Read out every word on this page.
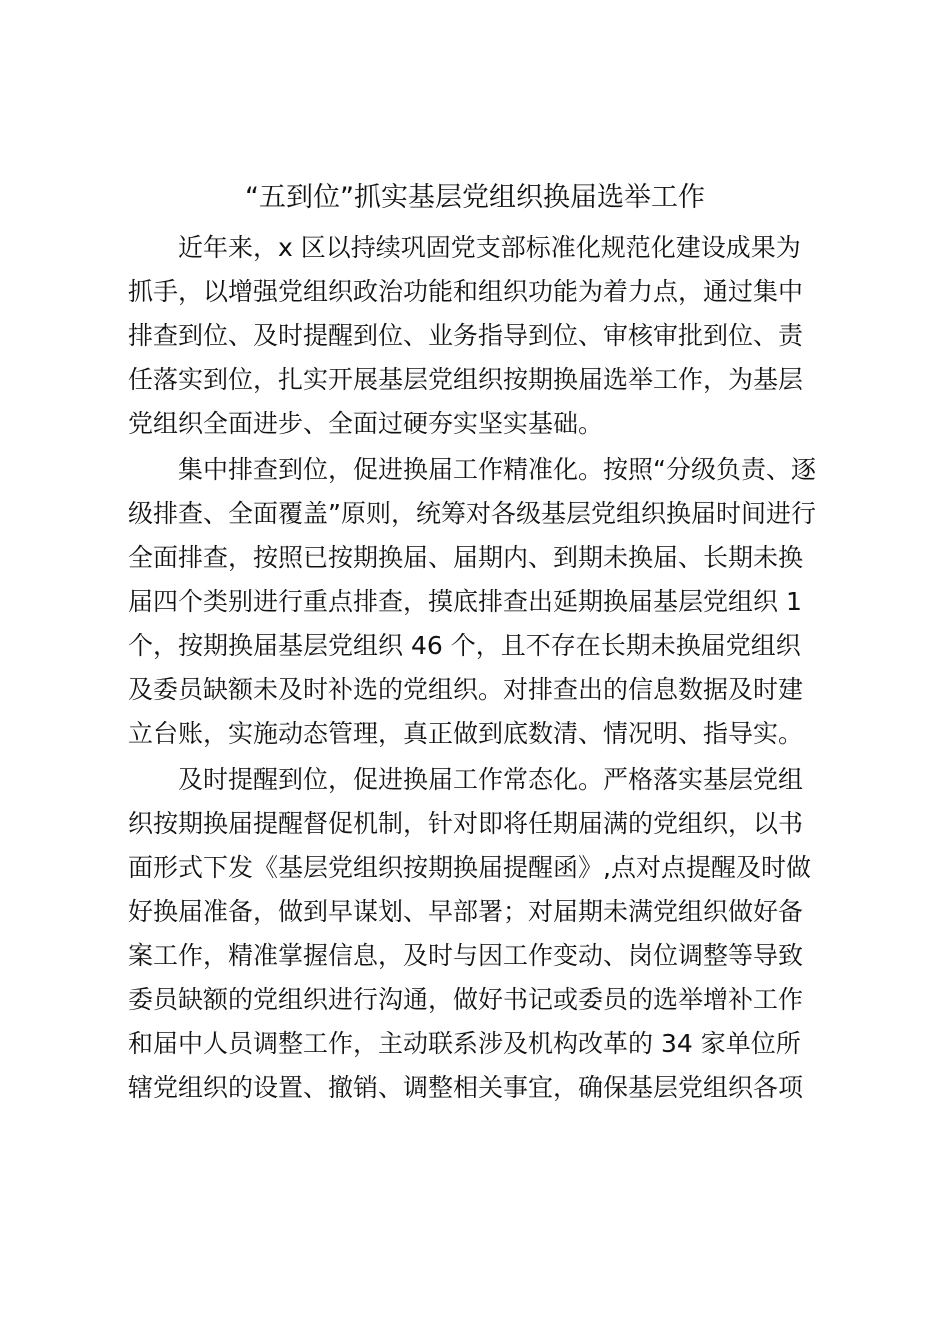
“五到位”抓实基层党组织换届选举工作
　　近年来，x 区以持续巩固党支部标准化规范化建设成果为
抓手，以增强党组织政治功能和组织功能为着力点，通过集中
排查到位、及时提醒到位、业务指导到位、审核审批到位、责
任落实到位，扎实开展基层党组织按期换届选举工作，为基层
党组织全面进步、全面过硬夯实坚实基础。
　　集中排查到位，促进换届工作精准化。按照“分级负责、逐
级排查、全面覆盖”原则，统筹对各级基层党组织换届时间进行
全面排查，按照已按期换届、届期内、到期未换届、长期未换
届四个类别进行重点排查，摸底排查出延期换届基层党组织 1
个，按期换届基层党组织 46 个，且不存在长期未换届党组织
及委员缺额未及时补选的党组织。对排查出的信息数据及时建
立台账，实施动态管理，真正做到底数清、情况明、指导实。
　　及时提醒到位，促进换届工作常态化。严格落实基层党组
织按期换届提醒督促机制，针对即将任期届满的党组织，以书
面形式下发《基层党组织按期换届提醒函》,点对点提醒及时做
好换届准备，做到早谋划、早部署；对届期未满党组织做好备
案工作，精准掌握信息，及时与因工作变动、岗位调整等导致
委员缺额的党组织进行沟通，做好书记或委员的选举增补工作
和届中人员调整工作，主动联系涉及机构改革的 34 家单位所
辖党组织的设置、撤销、调整相关事宜，确保基层党组织各项
